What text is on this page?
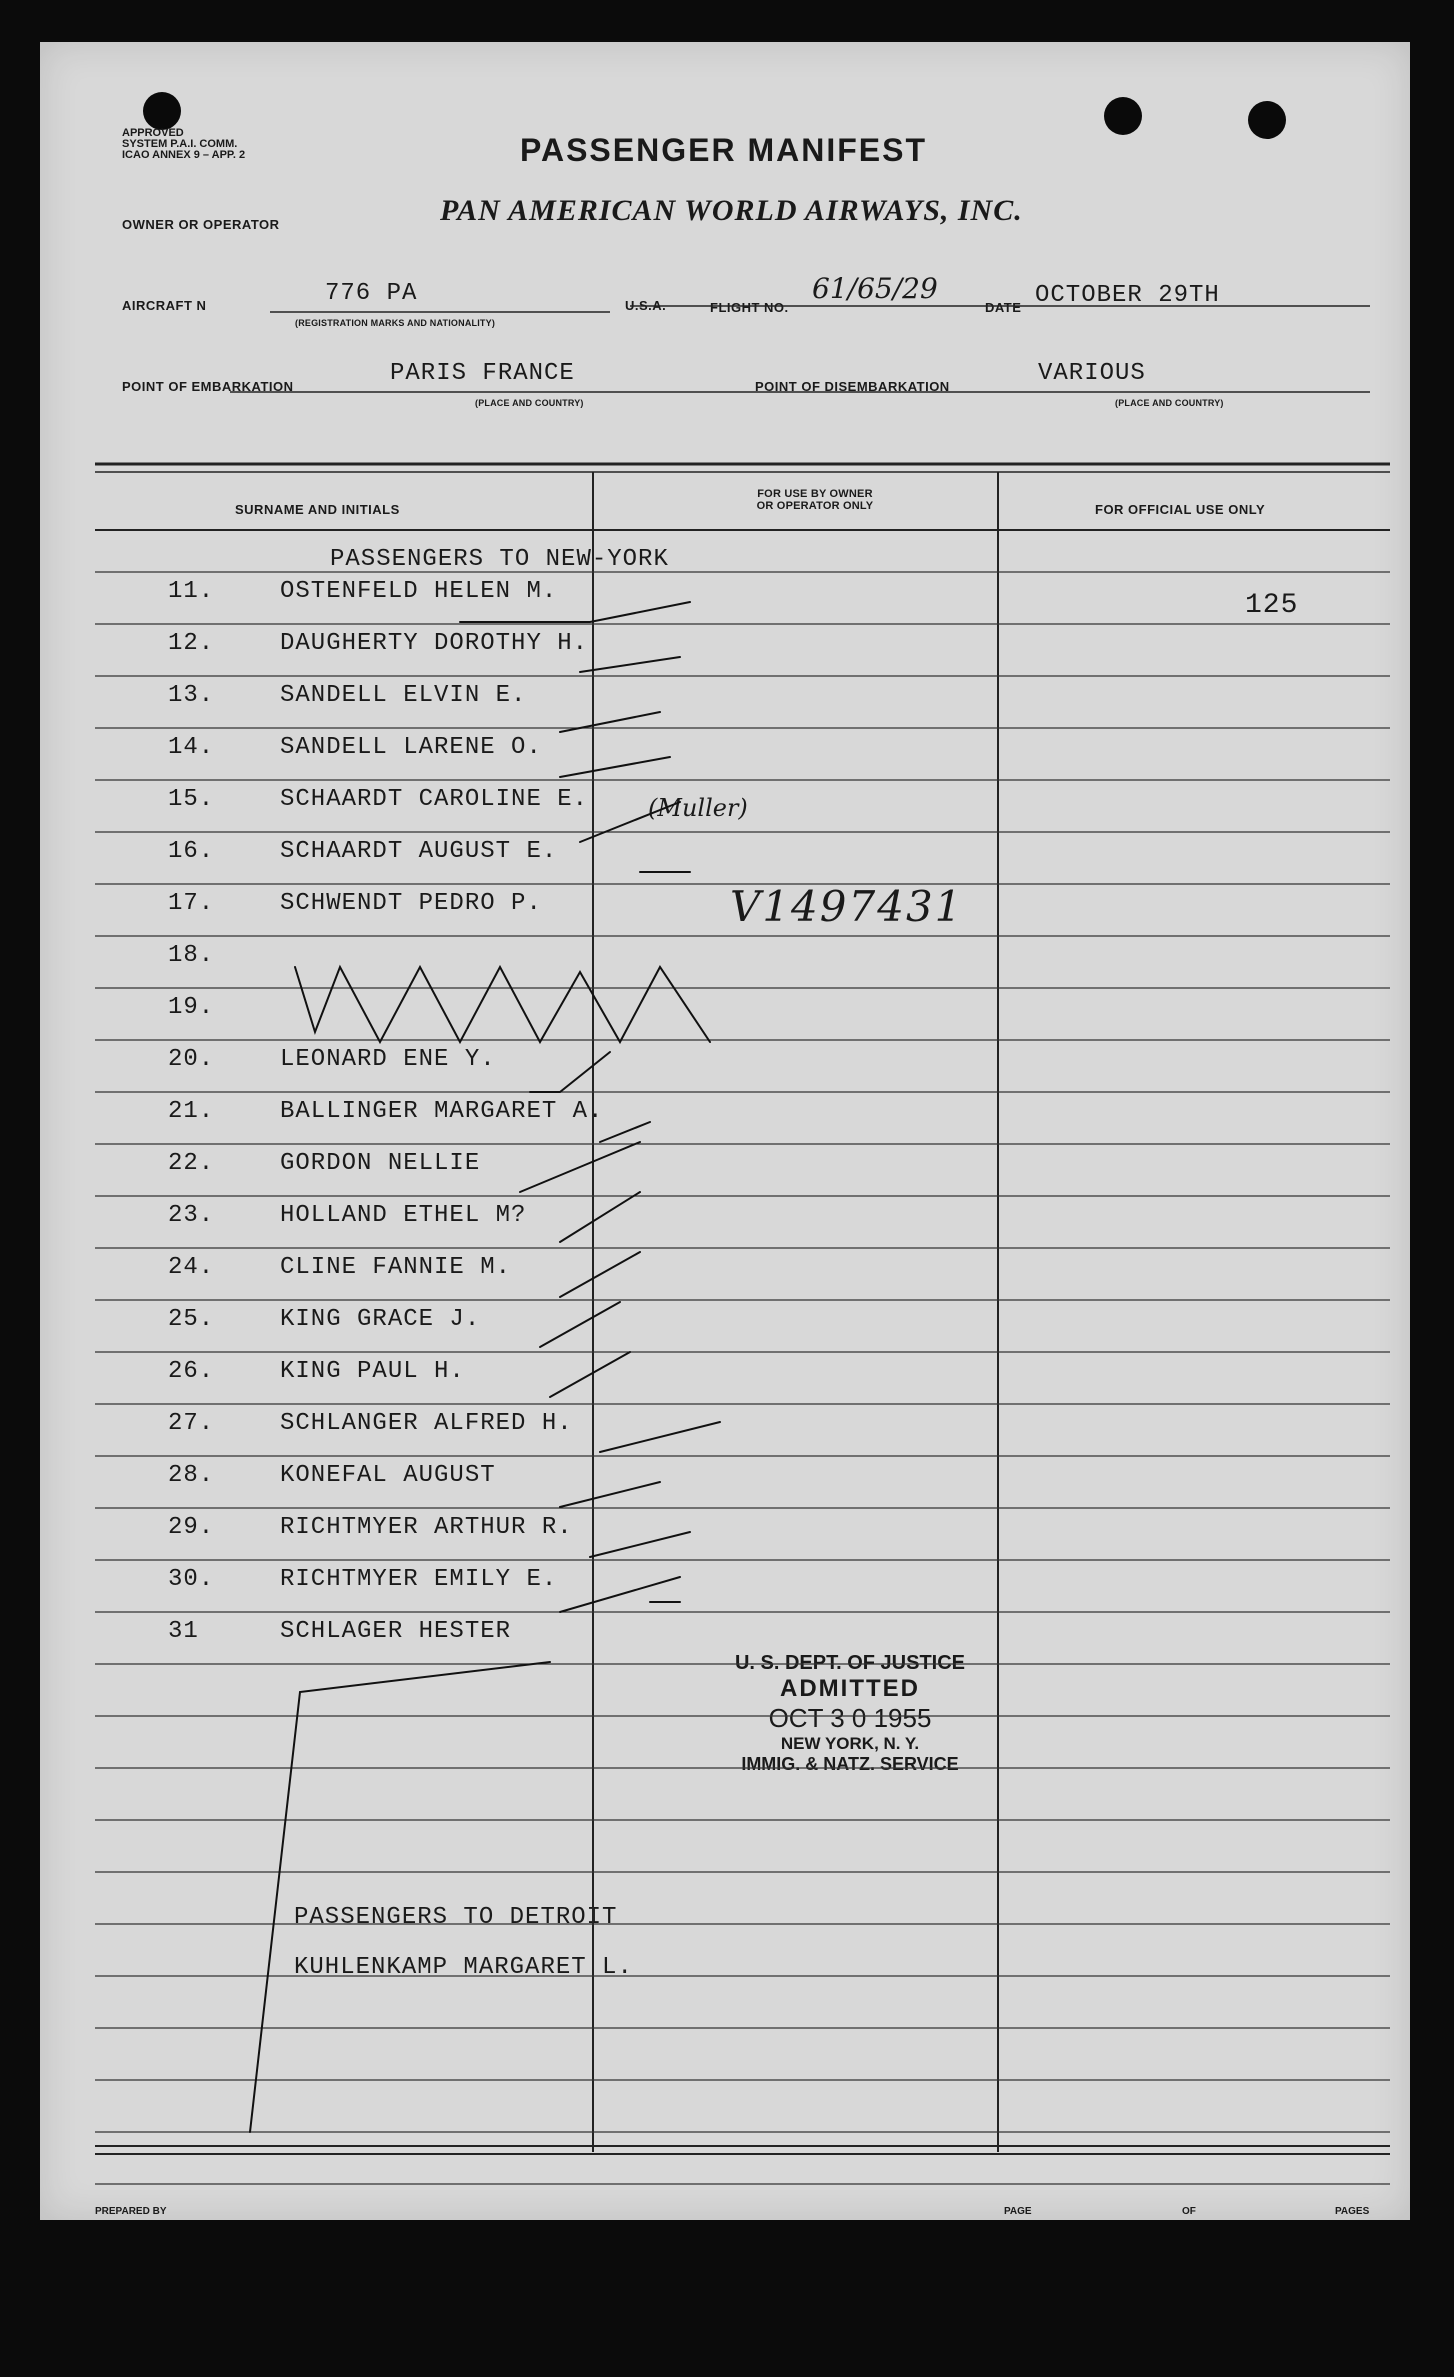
APPROVED
SYSTEM P.A.I. COMM.
ICAO ANNEX 9 – APP. 2	PASSENGER MANIFEST
OWNER OR OPERATOR	PAN AMERICAN WORLD AIRWAYS, INC.
AIRCRAFT N	776 PA
(REGISTRATION MARKS AND NATIONALITY)
U.S.A.	FLIGHT NO.
61/65/29
DATE OCTOBER 29TH
POINT OF EMBARKATION	PARIS FRANCE
(PLACE AND COUNTRY)
POINT OF DISEMBARKATION	VARIOUS
(PLACE AND COUNTRY)
SURNAME AND INITIALS
FOR USE BY OWNER
OR OPERATOR ONLY	FOR OFFICIAL USE ONLY
PASSENGERS TO NEW-YORK
125
11.	OSTENFELD HELEN M.
12.	DAUGHERTY DOROTHY H.
13.	SANDELL ELVIN E.
14.	SANDELL LARENE O.
15.	SCHAARDT CAROLINE E.
16.	SCHAARDT AUGUST E.
17.	SCHWENDT PEDRO P.
18.
19.
20.	LEONARD ENE Y.
21.	BALLINGER MARGARET A.
22.	GORDON NELLIE
23.	HOLLAND ETHEL M?
24.	CLINE FANNIE M.
25.	KING GRACE J.
26.	KING PAUL H.
27.	SCHLANGER ALFRED H.
28.	KONEFAL AUGUST
29.	RICHTMYER ARTHUR R.
30.	RICHTMYER EMILY E.
31	SCHLAGER HESTER
(Muller)
V1497431
U. S. DEPT. OF JUSTICE
ADMITTED
OCT 3 0 1955
NEW YORK, N. Y.
IMMIG. & NATZ. SERVICE
PASSENGERS TO DETROIT
KUHLENKAMP MARGARET L.
PREPARED BY	PAGE	OF	PAGES
